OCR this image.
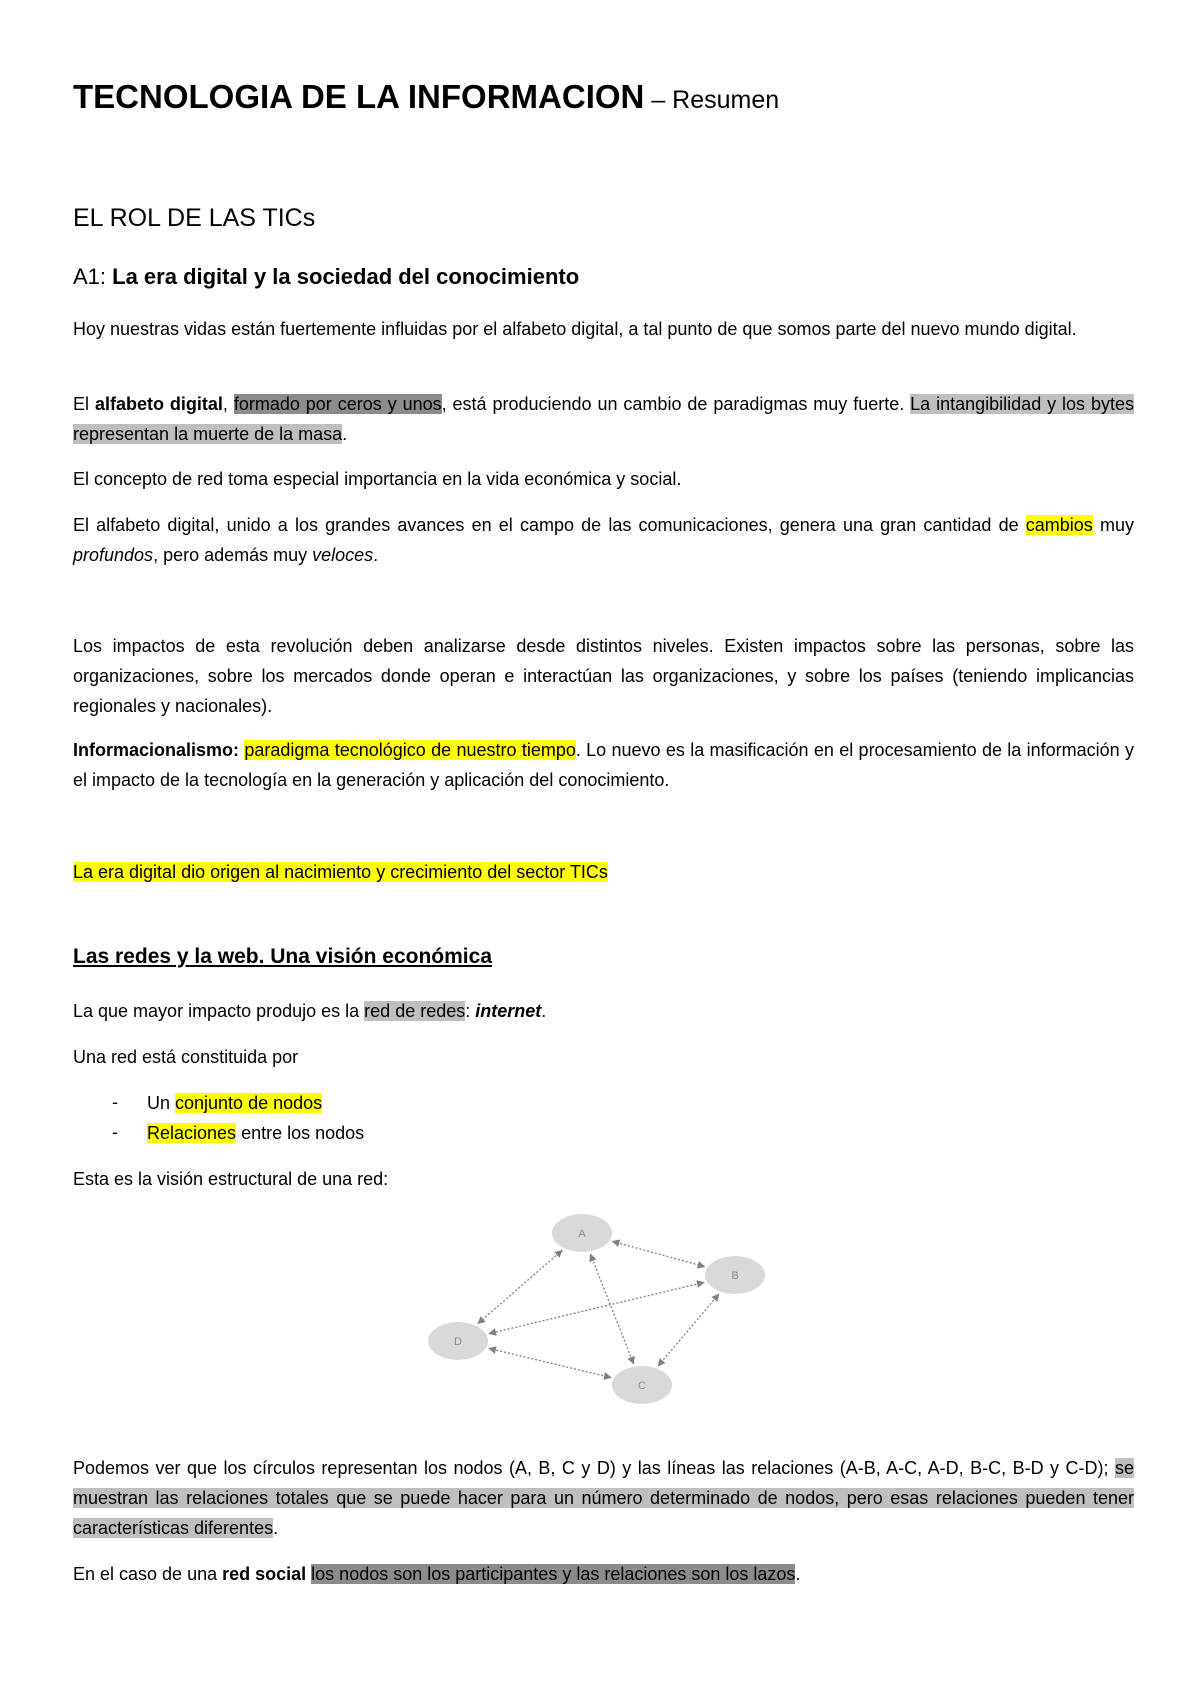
TECNOLOGIA DE LA INFORMACION – Resumen
EL ROL DE LAS TICs
A1: La era digital y la sociedad del conocimiento
Hoy nuestras vidas están fuertemente influidas por el alfabeto digital, a tal punto de que somos parte del nuevo mundo digital.
El alfabeto digital, formado por ceros y unos, está produciendo un cambio de paradigmas muy fuerte. La intangibilidad y los bytes representan la muerte de la masa.
El concepto de red toma especial importancia en la vida económica y social.
El alfabeto digital, unido a los grandes avances en el campo de las comunicaciones, genera una gran cantidad de cambios muy profundos, pero además muy veloces.
Los impactos de esta revolución deben analizarse desde distintos niveles. Existen impactos sobre las personas, sobre las organizaciones, sobre los mercados donde operan e interactúan las organizaciones, y sobre los países (teniendo implicancias regionales y nacionales).
Informacionalismo: paradigma tecnológico de nuestro tiempo. Lo nuevo es la masificación en el procesamiento de la información y el impacto de la tecnología en la generación y aplicación del conocimiento.
La era digital dio origen al nacimiento y crecimiento del sector TICs
Las redes y la web. Una visión económica
La que mayor impacto produjo es la red de redes: internet.
Una red está constituida por
- Un conjunto de nodos
- Relaciones entre los nodos
Esta es la visión estructural de una red:
A
B
C
D
Podemos ver que los círculos representan los nodos (A, B, C y D) y las líneas las relaciones (A-B, A-C, A-D, B-C, B-D y C-D); se muestran las relaciones totales que se puede hacer para un número determinado de nodos, pero esas relaciones pueden tener características diferentes.
En el caso de una red social los nodos son los participantes y las relaciones son los lazos.
